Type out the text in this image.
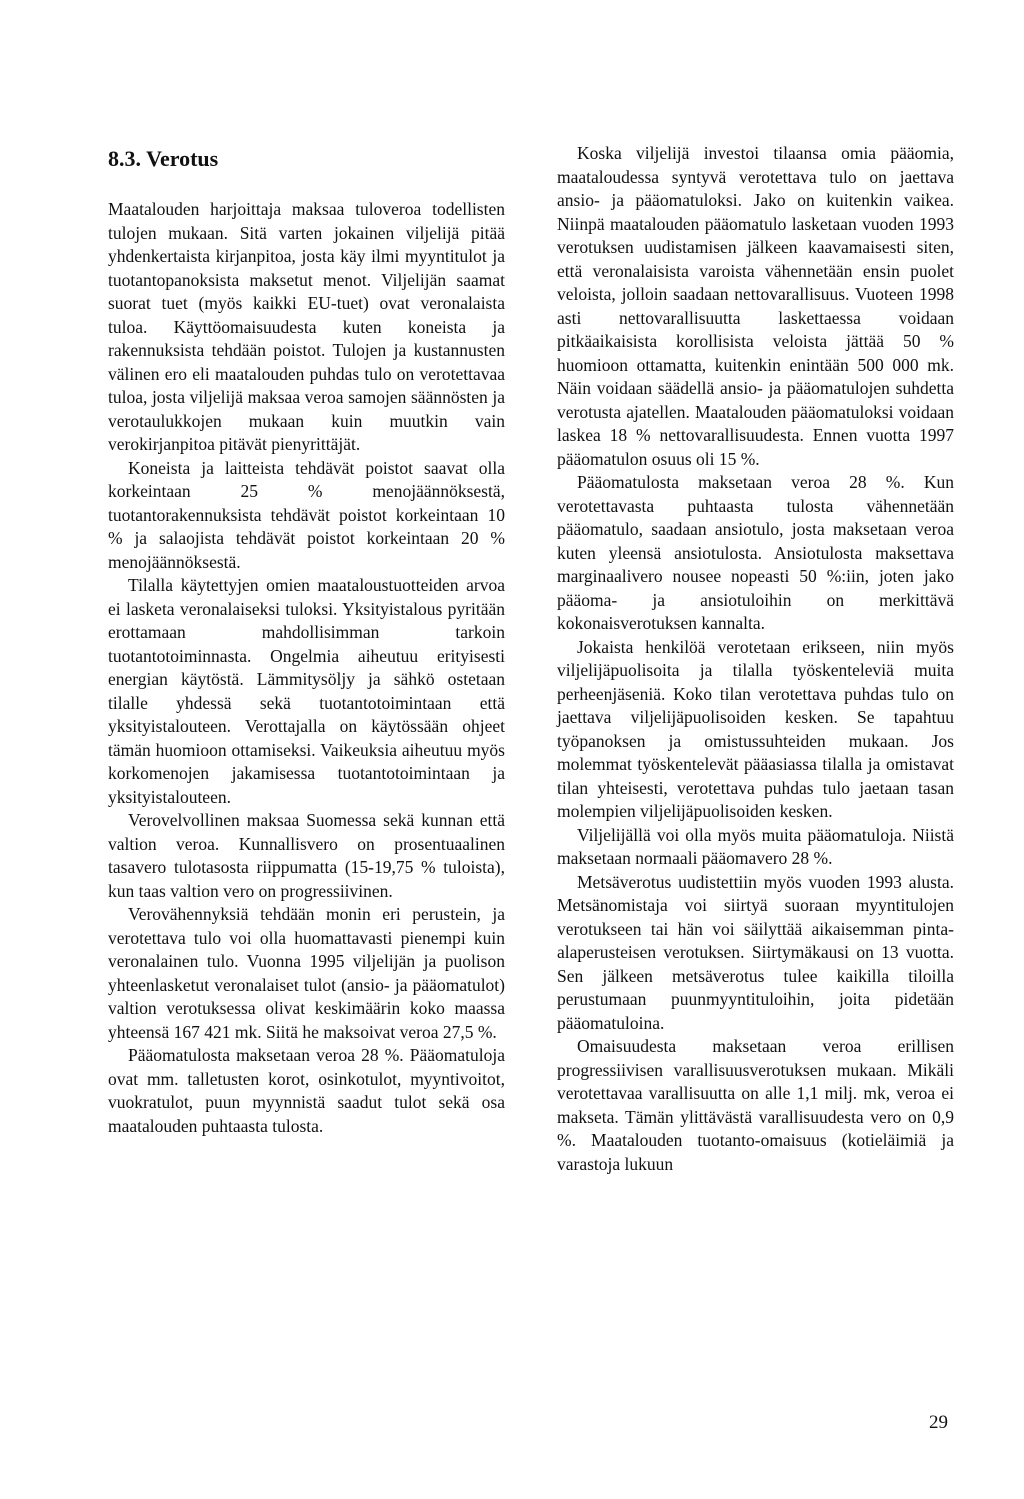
8.3. Verotus

Maatalouden harjoittaja maksaa tuloveroa todellisten tulojen mukaan. Sitä varten jokainen viljelijä pitää yhdenkertaista kirjanpitoa, josta käy ilmi myyntitulot ja tuotantopanoksista maksetut menot. Viljelijän saamat suorat tuet (myös kaikki EU-tuet) ovat veronalaista tuloa. Käyttöomaisuudesta kuten koneista ja rakennuksista tehdään poistot. Tulojen ja kustannusten välinen ero eli maatalouden puhdas tulo on verotettavaa tuloa, josta viljelijä maksaa veroa samojen säännösten ja verotaulukkojen mukaan kuin muutkin vain verokirjanpitoa pitävät pienyrittäjät.

Koneista ja laitteista tehdävät poistot saavat olla korkeintaan 25 % menojäännöksestä, tuotantorakennuksista tehdävät poistot korkeintaan 10 % ja salaojista tehdävät poistot korkeintaan 20 % menojäännöksestä.

Tilalla käytettyjen omien maataloustuotteiden arvoa ei lasketa veronalaiseksi tuloksi. Yksityistalous pyritään erottamaan mahdollisimman tarkoin tuotantotoiminnasta. Ongelmia aiheutuu erityisesti energian käytöstä. Lämmitysöljy ja sähkö ostetaan tilalle yhdessä sekä tuotantotoimintaan että yksityistalouteen. Verottajalla on käytössään ohjeet tämän huomioon ottamiseksi. Vaikeuksia aiheutuu myös korkomenojen jakamisessa tuotantotoimintaan ja yksityistalouteen.

Verovelvollinen maksaa Suomessa sekä kunnan että valtion veroa. Kunnallisvero on prosentuaalinen tasavero tulotasosta riippumatta (15-19,75 % tuloista), kun taas valtion vero on progressiivinen.

Verovähennyksiä tehdään monin eri perustein, ja verotettava tulo voi olla huomattavasti pienempi kuin veronalainen tulo. Vuonna 1995 viljelijän ja puolison yhteenlasketut veronalaiset tulot (ansio- ja pääomatulot) valtion verotuksessa olivat keskimäärin koko maassa yhteensä 167 421 mk. Siitä he maksoivat veroa 27,5 %.

Pääomatulosta maksetaan veroa 28 %. Pääomatuloja ovat mm. talletusten korot, osinkotulot, myyntivoitot, vuokratulot, puun myynnistä saadut tulot sekä osa maatalouden puhtaasta tulosta.

Koska viljelijä investoi tilaansa omia pääomia, maataloudessa syntyvä verotettava tulo on jaettava ansio- ja pääomatuloksi. Jako on kuitenkin vaikea. Niinpä maatalouden pääomatulo lasketaan vuoden 1993 verotuksen uudistamisen jälkeen kaavamaisesti siten, että veronalaisista varoista vähennetään ensin puolet veloista, jolloin saadaan nettovarallisuus. Vuoteen 1998 asti nettovarallisuutta laskettaessa voidaan pitkäaikaisista korollisista veloista jättää 50 % huomioon ottamatta, kuitenkin enintään 500 000 mk. Näin voidaan säädellä ansio- ja pääomatulojen suhdetta verotusta ajatellen. Maatalouden pääomatuloksi voidaan laskea 18 % nettovarallisuudesta. Ennen vuotta 1997 pääomatulon osuus oli 15 %.

Pääomatulosta maksetaan veroa 28 %. Kun verotettavasta puhtaasta tulosta vähennetään pääomatulo, saadaan ansiotulo, josta maksetaan veroa kuten yleensä ansiotulosta. Ansiotulosta maksettava marginaalivero nousee nopeasti 50 %:iin, joten jako pääoma- ja ansiotuloihin on merkittävä kokonaisverotuksen kannalta.

Jokaista henkilöä verotetaan erikseen, niin myös viljelijäpuolisoita ja tilalla työskenteleviä muita perheenjäseniä. Koko tilan verotettava puhdas tulo on jaettava viljelijäpuolisoiden kesken. Se tapahtuu työpanoksen ja omistussuhteiden mukaan. Jos molemmat työskentelevät pääasiassa tilalla ja omistavat tilan yhteisesti, verotettava puhdas tulo jaetaan tasan molempien viljelijäpuolisoiden kesken.

Viljelijällä voi olla myös muita pääomatuloja. Niistä maksetaan normaali pääomavero 28 %.

Metsäverotus uudistettiin myös vuoden 1993 alusta. Metsänomistaja voi siirtyä suoraan myyntitulojen verotukseen tai hän voi säilyttää aikaisemman pinta-alaperusteisen verotuksen. Siirtymäkausi on 13 vuotta. Sen jälkeen metsäverotus tulee kaikilla tiloilla perustumaan puunmyyntituloihin, joita pidetään pääomatuloina.

Omaisuudesta maksetaan veroa erillisen progressiivisen varallisuusverotuksen mukaan. Mikäli verotettavaa varallisuutta on alle 1,1 milj. mk, veroa ei makseta. Tämän ylittävästä varallisuudesta vero on 0,9 %. Maatalouden tuotanto-omaisuus (kotieläimiä ja varastoja lukuun

29
